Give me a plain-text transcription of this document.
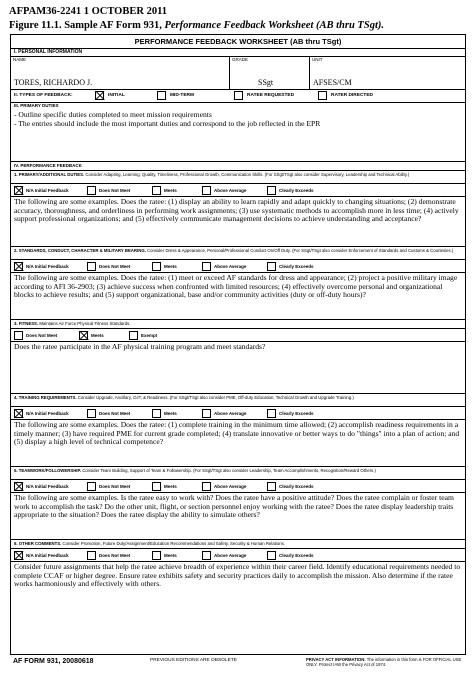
AFPAM36-2241 1 OCTOBER 2011
Figure 11.1. Sample AF Form 931, Performance Feedback Worksheet (AB thru TSgt).
PERFORMANCE FEEDBACK WORKSHEET (AB thru TSgt)
I. PERSONAL INFORMATION
NAME
TORES, RICHARDO J.
GRADE
SSgt
UNIT
AFSES/CM
II. TYPES OF FEEDBACK:	INITIAL	MID-TERM	RATEE REQUESTED	RATER DIRECTED
III. PRIMARY DUTIES
- Outline specific duties completed to meet mission requirements
- The entries should include the most important duties and correspond to the job reflected in the EPR
IV. PERFORMANCE FEEDBACK
1. PRIMARY/ADDITIONAL DUTIES. Consider Adapting, Learning, Quality, Timeliness, Professional Growth, Communication Skills. (For SSgt/TSgt also consider Supervisory, Leadership and Technical Ability.)
N/A Initial Feedback	Does Not Meet	Meets	Above Average	Clearly Exceeds
The following are some examples. Does the ratee: (1) display an ability to learn rapidly and adapt quickly to changing situations; (2) demonstrate accuracy, thoroughness, and orderliness in performing work assignments; (3) use systematic methods to accomplish more in less time; (4) actively support professional organizations; and (5) effectively communicate management decisions to achieve understanding and acceptance?
2. STANDARDS, CONDUCT, CHARACTER & MILITARY BEARING. Consider Dress & Appearance, Personal/Professional Conduct On/Off Duty. (For SSgt/TSgt also consider Enforcement of Standards and Customs & Courtesies.)
N/A Initial Feedback	Does Not Meet	Meets	Above Average	Clearly Exceeds
The following are some examples. Does the ratee: (1) meet or exceed AF standards for dress and appearance; (2) project a positive military image according to AFI 36-2903; (3) achieve success when confronted with limited resources; (4) effectively overcome personal and organizational blocks to achieve results; and (5) support organizational, base and/or community activities (duty or off-duty hours)?
3. FITNESS. Maintains Air Force Physical Fitness Standards.
Does Not Meet	Meets	Exempt
Does the ratee participate in the AF physical training program and meet standards?
4. TRAINING REQUIREMENTS. Consider Upgrade, Ancillary, OJT, & Readiness. (For SSgt/TSgt also consider PME, Off-duty Education, Technical Growth and Upgrade Training.)
N/A Initial Feedback	Does Not Meet	Meets	Above Average	Clearly Exceeds
The following are some examples. Does the ratee: (1) complete training in the minimum time allowed; (2) accomplish readiness requirements in a timely manner; (3) have required PME for current grade completed; (4) translate innovative or better ways to do "things" into a plan of action; and (5) display a high level of technical competence?
5. TEAMWORK/FOLLOWERSHIP. Consider Team Building, Support of Team & Followership. (For SSgt/TSgt also consider Leadership, Team Accomplishments, Recognition/Reward Others.)
N/A Initial Feedback	Does Not Meet	Meets	Above Average	Clearly Exceeds
The following are some examples. Is the ratee easy to work with? Does the ratee have a positive attitude? Does the ratee complain or foster team work to accomplish the task? Do the other unit, flight, or section personnel enjoy working with the ratee? Does the ratee display leadership traits appropriate to the situation? Does the ratee display the ability to simulate others?
6. OTHER COMMENTS. Consider Promotion, Future Duty/Assignment/Education Recommendations and Safety, Security & Human Relations.
N/A Initial Feedback	Does Not Meet	Meets	Above Average	Clearly Exceeds
Consider future assignments that help the ratee achieve breadth of experience within their career field. Identify educational requirements needed to complete CCAF or higher degree. Ensure ratee exhibits safety and security practices daily to accomplish the mission. Also determine if the ratee works harmoniously and effectively with others.
AF FORM 931, 20080618	PREVIOUS EDITIONS ARE OBSOLETE	PRIVACY ACT INFORMATION: The information in this form is FOR OFFICIAL USE ONLY. Protect IAW the Privacy Act of 1974.
